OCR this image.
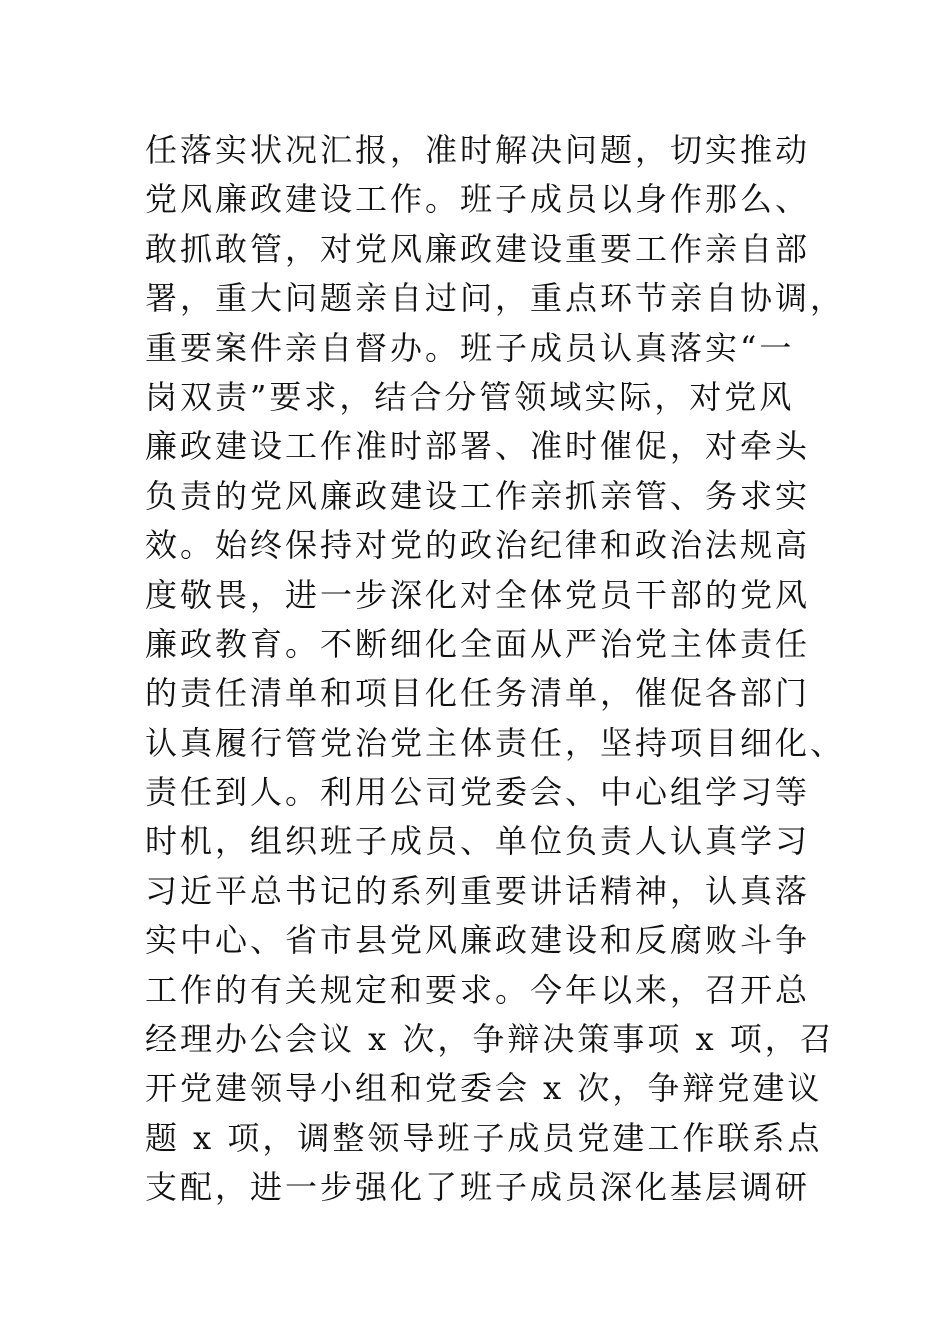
任落实状况汇报，准时解决问题，切实推动
党风廉政建设工作。班子成员以身作那么、
敢抓敢管，对党风廉政建设重要工作亲自部
署，重大问题亲自过问，重点环节亲自协调，
重要案件亲自督办。班子成员认真落实“一
岗双责”要求，结合分管领域实际，对党风
廉政建设工作准时部署、准时催促，对牵头
负责的党风廉政建设工作亲抓亲管、务求实
效。始终保持对党的政治纪律和政治法规高
度敬畏，进一步深化对全体党员干部的党风
廉政教育。不断细化全面从严治党主体责任
的责任清单和项目化任务清单，催促各部门
认真履行管党治党主体责任，坚持项目细化、
责任到人。利用公司党委会、中心组学习等
时机，组织班子成员、单位负责人认真学习
习近平总书记的系列重要讲话精神，认真落
实中心、省市县党风廉政建设和反腐败斗争
工作的有关规定和要求。今年以来，召开总
经理办公会议 x 次，争辩决策事项 x 项，召
开党建领导小组和党委会 x 次，争辩党建议
题 x 项，调整领导班子成员党建工作联系点
支配，进一步强化了班子成员深化基层调研
